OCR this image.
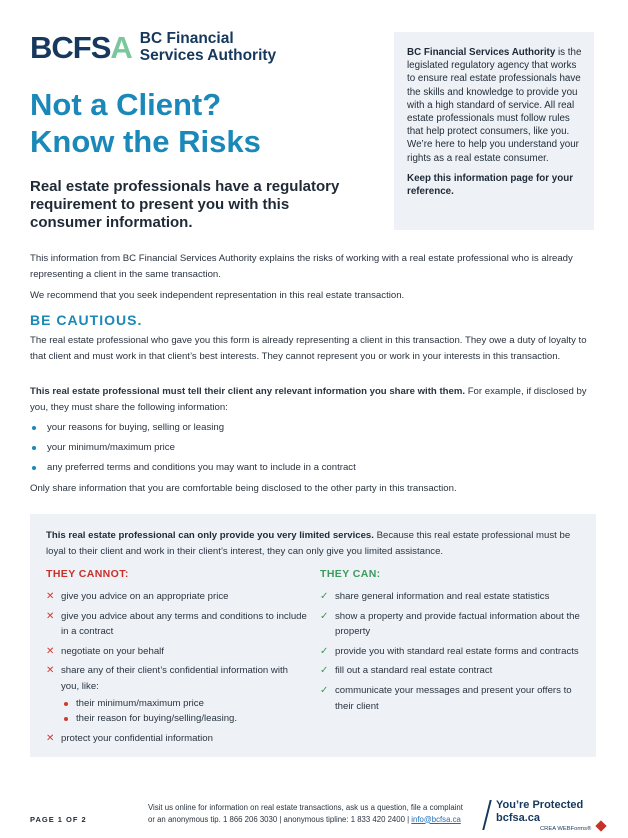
BCFSA BC Financial
Services Authority
Not a Client?
Know the Risks
Real estate professionals have a regulatory requirement to present you with this consumer information.
BC Financial Services Authority is the legislated regulatory agency that works to ensure real estate professionals have the skills and knowledge to provide you with a high standard of service. All real estate professionals must follow rules that help protect consumers, like you. We’re here to help you understand your rights as a real estate consumer.
Keep this information page for your reference.
This information from BC Financial Services Authority explains the risks of working with a real estate professional who is already representing a client in the same transaction.
We recommend that you seek independent representation in this real estate transaction.
BE CAUTIOUS.
The real estate professional who gave you this form is already representing a client in this transaction. They owe a duty of loyalty to that client and must work in that client’s best interests. They cannot represent you or work in your interests in this transaction.
This real estate professional must tell their client any relevant information you share with them. For example, if disclosed by you, they must share the following information:
your reasons for buying, selling or leasing
your minimum/maximum price
any preferred terms and conditions you may want to include in a contract
Only share information that you are comfortable being disclosed to the other party in this transaction.
This real estate professional can only provide you very limited services. Because this real estate professional must be loyal to their client and work in their client’s interest, they can only give you limited assistance.
THEY CANNOT:
✕ give you advice on an appropriate price
✕ give you advice about any terms and conditions to include in a contract
✕ negotiate on your behalf
✕ share any of their client’s confidential information with you, like:
their minimum/maximum price
their reason for buying/selling/leasing.
✕ protect your confidential information
THEY CAN:
✓ share general information and real estate statistics
✓ show a property and provide factual information about the property
✓ provide you with standard real estate forms and contracts
✓ fill out a standard real estate contract
✓ communicate your messages and present your offers to their client
PAGE 1 OF 2
Visit us online for information on real estate transactions, ask us a question, file a complaint
or an anonymous tip. 1 866 206 3030 | anonymous tipline: 1 833 420 2400 | info@bcfsa.ca
You’re Protected
bcfsa.ca
CREA WEBForms®
